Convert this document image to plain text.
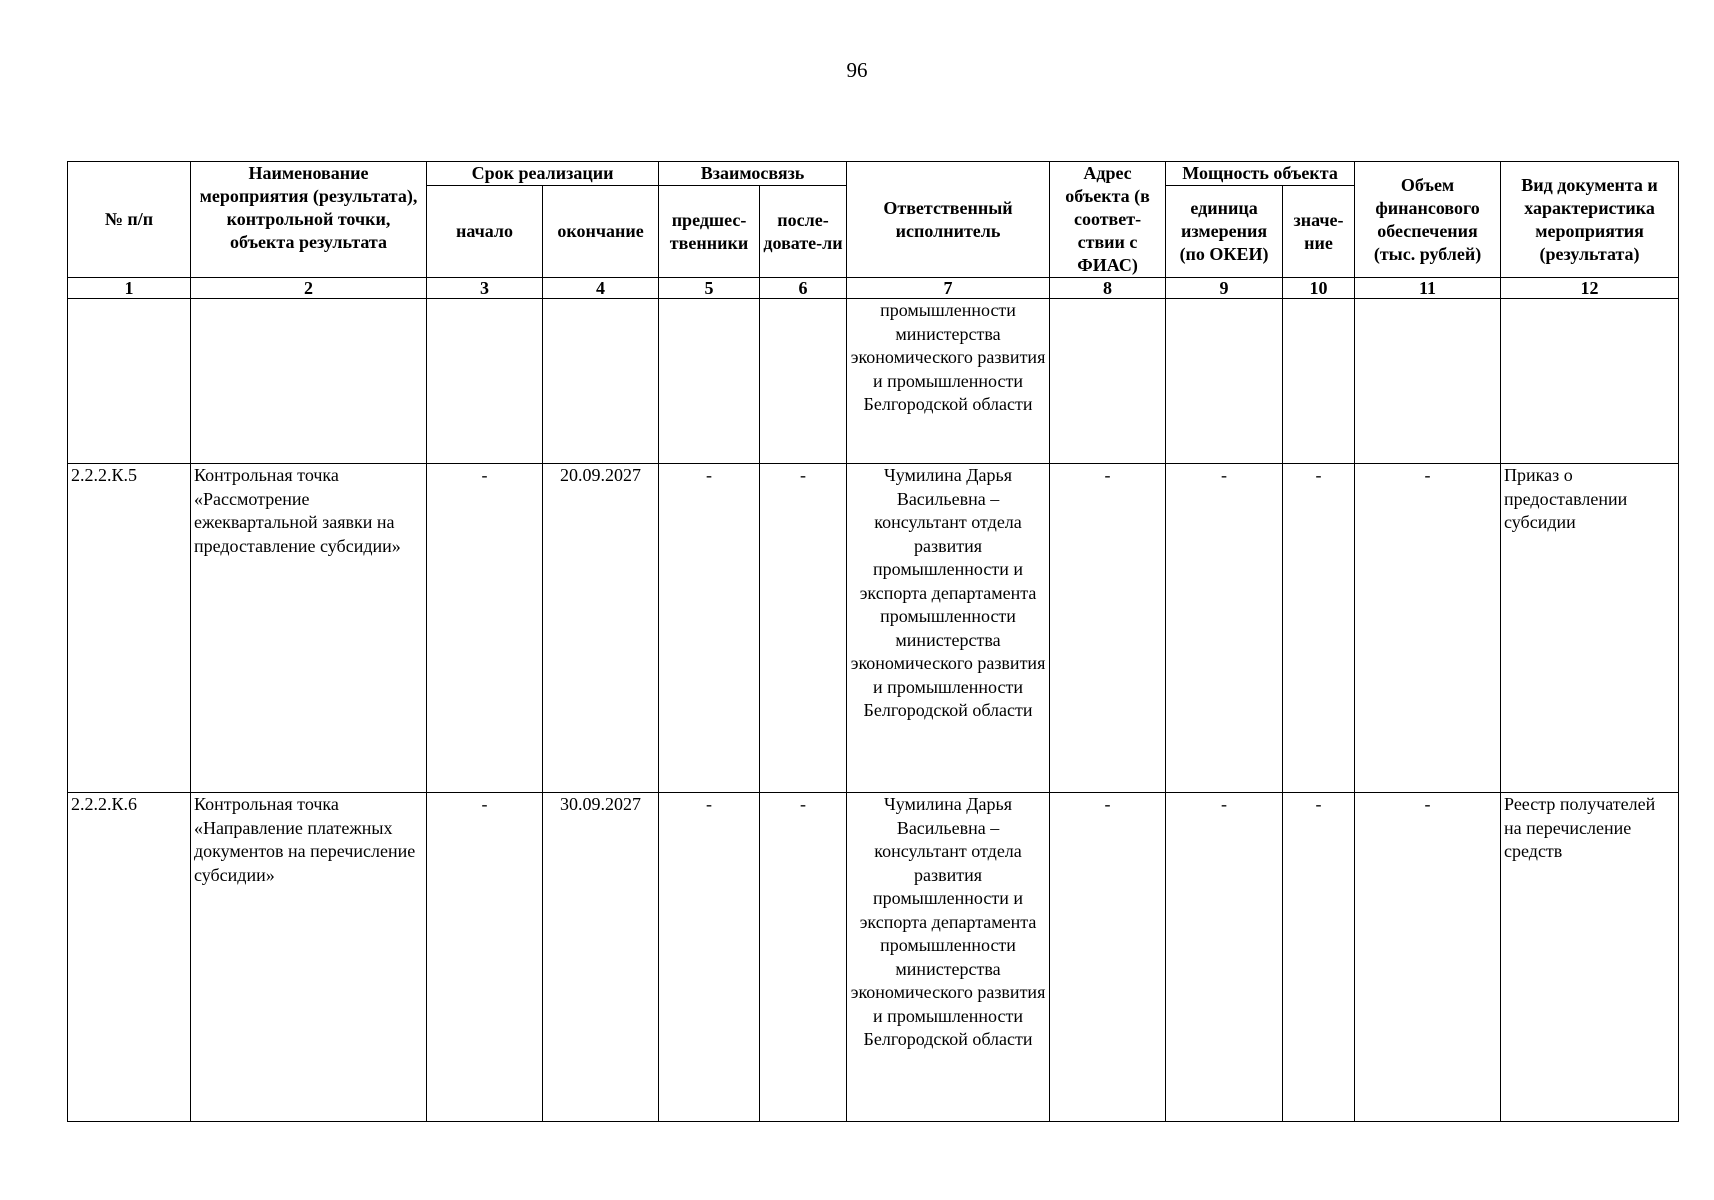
96
№ п/п	Наименование мероприятия (результата), контрольной точки, объекта результата	Срок реализации		Взаимосвязь		Ответственный исполнитель	Адрес объекта (в соответ-ствии с ФИАС)	Мощность объекта		Объем финансового обеспечения (тыс. рублей)	Вид документа и характеристика мероприятия (результата)
		начало	окончание	предшес-твенники	после-довате-ли			единица измерения (по ОКЕИ)	значе-ние		
1	2	3	4	5	6	7	8	9	10	11	12
						промышленности министерства экономического развития и промышленности Белгородской области					
2.2.2.К.5	Контрольная точка «Рассмотрение ежеквартальной заявки на предоставление субсидии»	-	20.09.2027	-	-	Чумилина Дарья Васильевна – консультант отдела развития промышленности и экспорта департамента промышленности министерства экономического развития и промышленности Белгородской области	-	-	-	-	Приказ о предоставлении субсидии
2.2.2.К.6	Контрольная точка «Направление платежных документов на перечисление субсидии»	-	30.09.2027	-	-	Чумилина Дарья Васильевна – консультант отдела развития промышленности и экспорта департамента промышленности министерства экономического развития и промышленности Белгородской области	-	-	-	-	Реестр получателей на перечисление средств
